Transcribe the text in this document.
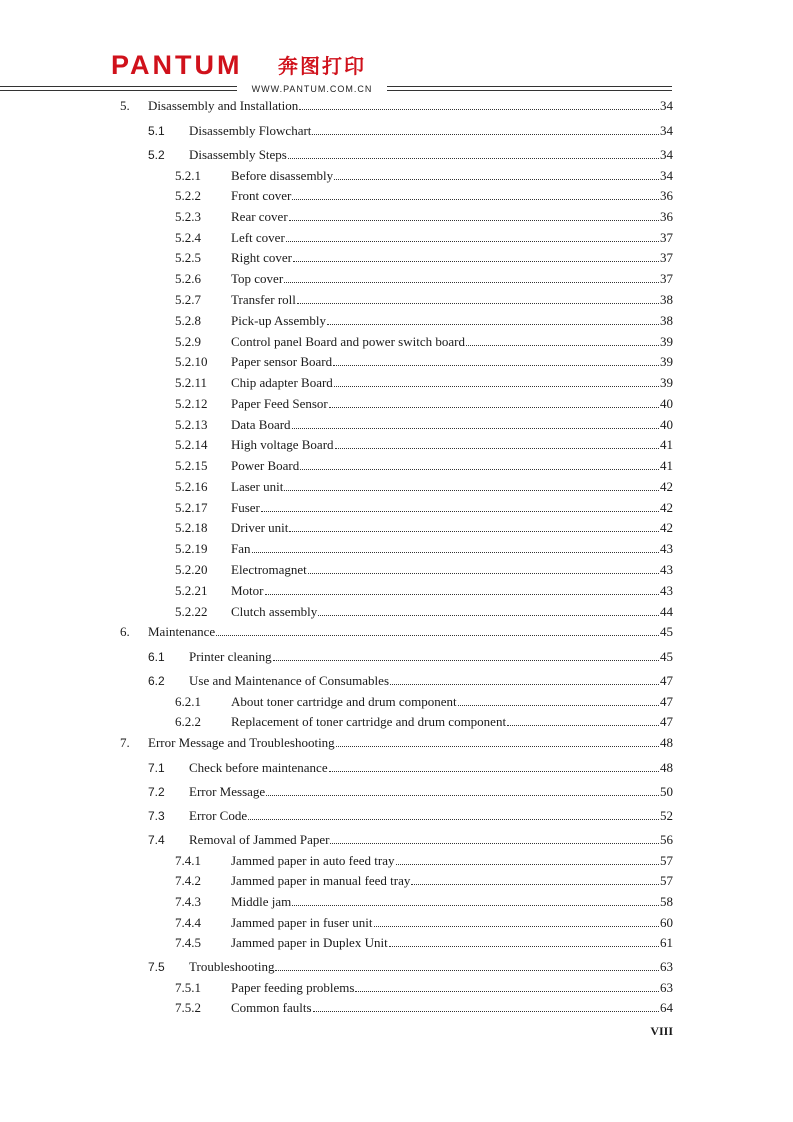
PANTUM 奔图打印
WWW.PANTUM.COM.CN
5. Disassembly and Installation	34
5.1 Disassembly Flowchart	34
5.2 Disassembly Steps	34
5.2.1 Before disassembly	34
5.2.2 Front cover	36
5.2.3 Rear cover	36
5.2.4 Left cover	37
5.2.5 Right cover	37
5.2.6 Top cover	37
5.2.7 Transfer roll	38
5.2.8 Pick-up Assembly	38
5.2.9 Control panel Board and power switch board	39
5.2.10 Paper sensor Board	39
5.2.11 Chip adapter Board	39
5.2.12 Paper Feed Sensor	40
5.2.13 Data Board	40
5.2.14 High voltage Board	41
5.2.15 Power Board	41
5.2.16 Laser unit	42
5.2.17 Fuser	42
5.2.18 Driver unit	42
5.2.19 Fan	43
5.2.20 Electromagnet	43
5.2.21 Motor	43
5.2.22 Clutch assembly	44
6. Maintenance	45
6.1 Printer cleaning	45
6.2 Use and Maintenance of Consumables	47
6.2.1 About toner cartridge and drum component	47
6.2.2 Replacement of toner cartridge and drum component	47
7. Error Message and Troubleshooting	48
7.1 Check before maintenance	48
7.2 Error Message	50
7.3 Error Code	52
7.4 Removal of Jammed Paper	56
7.4.1 Jammed paper in auto feed tray	57
7.4.2 Jammed paper in manual feed tray	57
7.4.3 Middle jam	58
7.4.4 Jammed paper in fuser unit	60
7.4.5 Jammed paper in Duplex Unit	61
7.5 Troubleshooting	63
7.5.1 Paper feeding problems	63
7.5.2 Common faults	64
VIII
